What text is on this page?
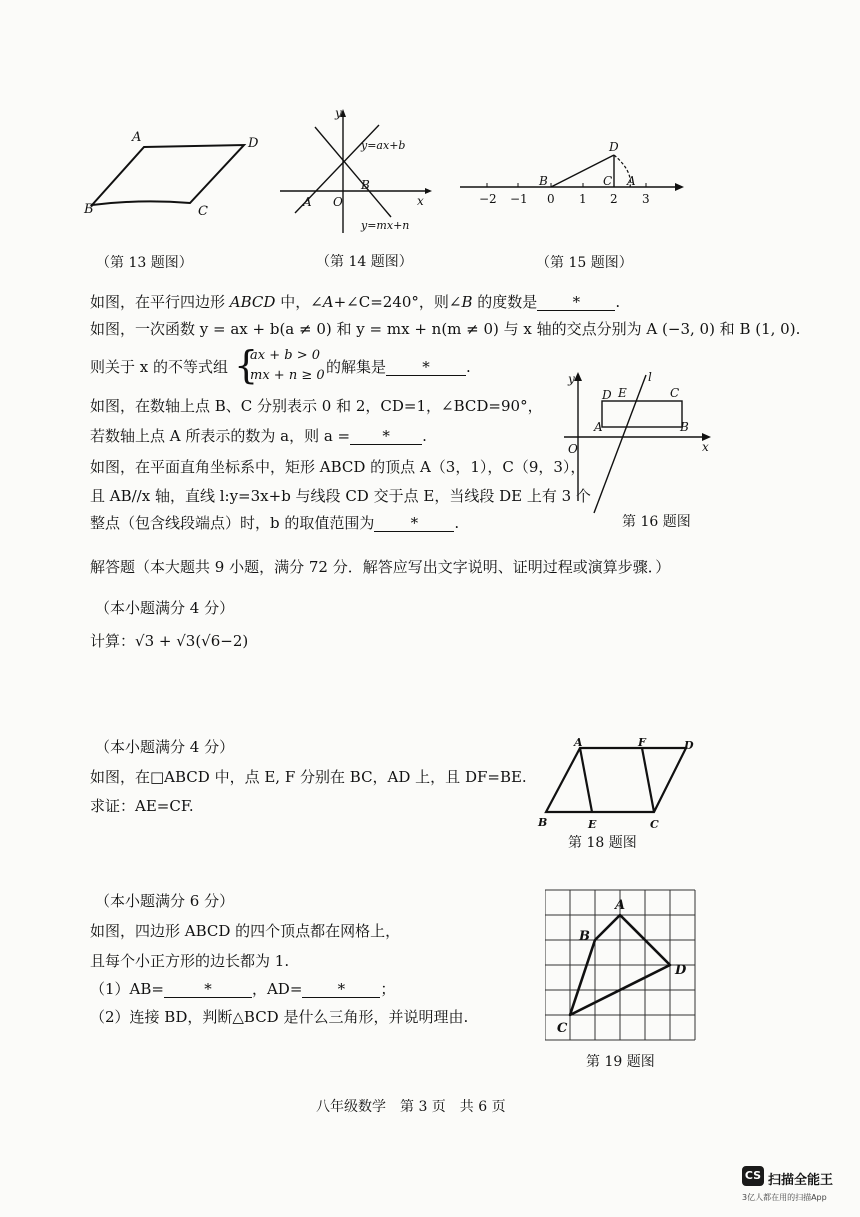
A	D
B	C
（第 13 题图）
y
x
y=ax+b
y=mx+n
A O
B
（第 14 题图）
D
B	C A
−2 −1 0 1 2 3
（第 15 题图）
如图，在平行四边形 ABCD 中，∠A+∠C=240°，则∠B 的度数是 * .
如图，一次函数 y = ax + b(a ≠ 0) 和 y = mx + n(m ≠ 0) 与 x 轴的交点分别为 A (−3, 0) 和 B (1, 0).
则关于 x 的不等式组 {
ax + b > 0
mx + n ≥ 0 的解集是 * .
如图，在数轴上点 B、C 分别表示 0 和 2，CD=1，∠BCD=90°，
若数轴上点 A 所表示的数为 a，则 a = * .
y
x
l
D E	C
A	B
O
第 16 题图
如图，在平面直角坐标系中，矩形 ABCD 的顶点 A（3，1），C（9，3），
且 AB//x 轴，直线 l:y=3x+b 与线段 CD 交于点 E，当线段 DE 上有 3 个
整点（包含线段端点）时，b 的取值范围为 * .
解答题（本大题共 9 小题，满分 72 分．解答应写出文字说明、证明过程或演算步骤．）
（本小题满分 4 分）
计算：√3 + √3(√6−2)
（本小题满分 4 分）
如图，在□ABCD 中，点 E, F 分别在 BC，AD 上，且 DF=BE.
求证：AE=CF.
A	F	D
B	E	C
第 18 题图
（本小题满分 6 分）
如图，四边形 ABCD 的四个顶点都在网格上，
且每个小正方形的边长都为 1.
（1）AB=	*	，AD= * ；
（2）连接 BD，判断△BCD 是什么三角形，并说明理由.
A
B
C
D
第 19 题图
八年级数学　第 3 页　共 6 页
CS 扫描全能王
3亿人都在用的扫描App
